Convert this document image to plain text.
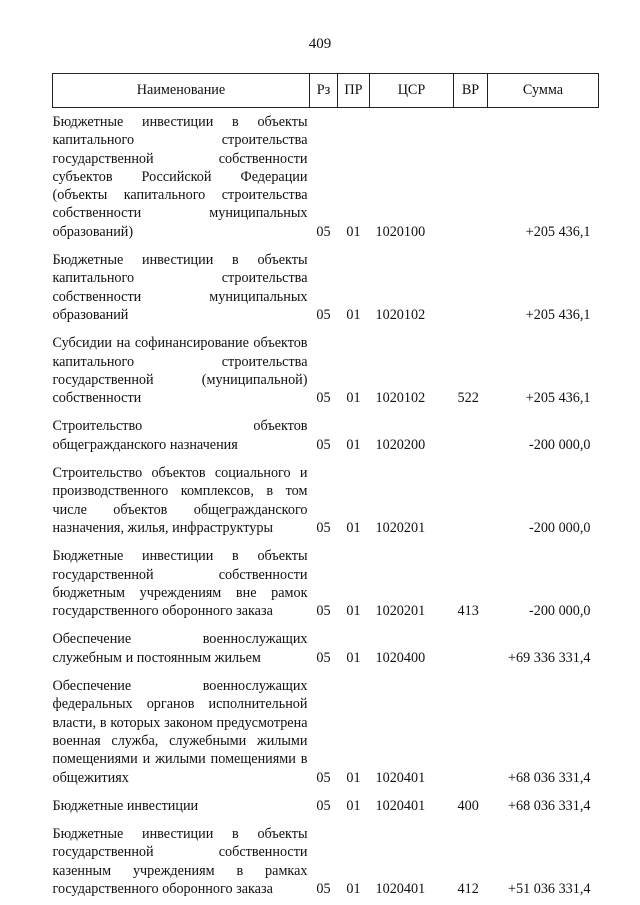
409
Наименование	Рз	ПР	ЦСР	ВР	Сумма
Бюджетные инвестиции в объекты капитального строительства государственной собственности субъектов Российской Федерации (объекты капитального строительства собственности муниципальных образований)	05	01	1020100		+205 436,1
Бюджетные инвестиции в объекты капитального строительства собственности муниципальных образований	05	01	1020102		+205 436,1
Субсидии на софинансирование объектов капитального строительства государственной (муниципальной) собственности	05	01	1020102	522	+205 436,1
Строительство объектов общегражданского назначения	05	01	1020200		-200 000,0
Строительство объектов социального и производственного комплексов, в том числе объектов общегражданского назначения, жилья, инфраструктуры	05	01	1020201		-200 000,0
Бюджетные инвестиции в объекты государственной собственности бюджетным учреждениям вне рамок государственного оборонного заказа	05	01	1020201	413	-200 000,0
Обеспечение военнослужащих служебным и постоянным жильем	05	01	1020400		+69 336 331,4
Обеспечение военнослужащих федеральных органов исполнительной власти, в которых законом предусмотрена военная служба, служебными жилыми помещениями и жилыми помещениями в общежитиях	05	01	1020401		+68 036 331,4
Бюджетные инвестиции	05	01	1020401	400	+68 036 331,4
Бюджетные инвестиции в объекты государственной собственности казенным учреждениям в рамках государственного оборонного заказа	05	01	1020401	412	+51 036 331,4
